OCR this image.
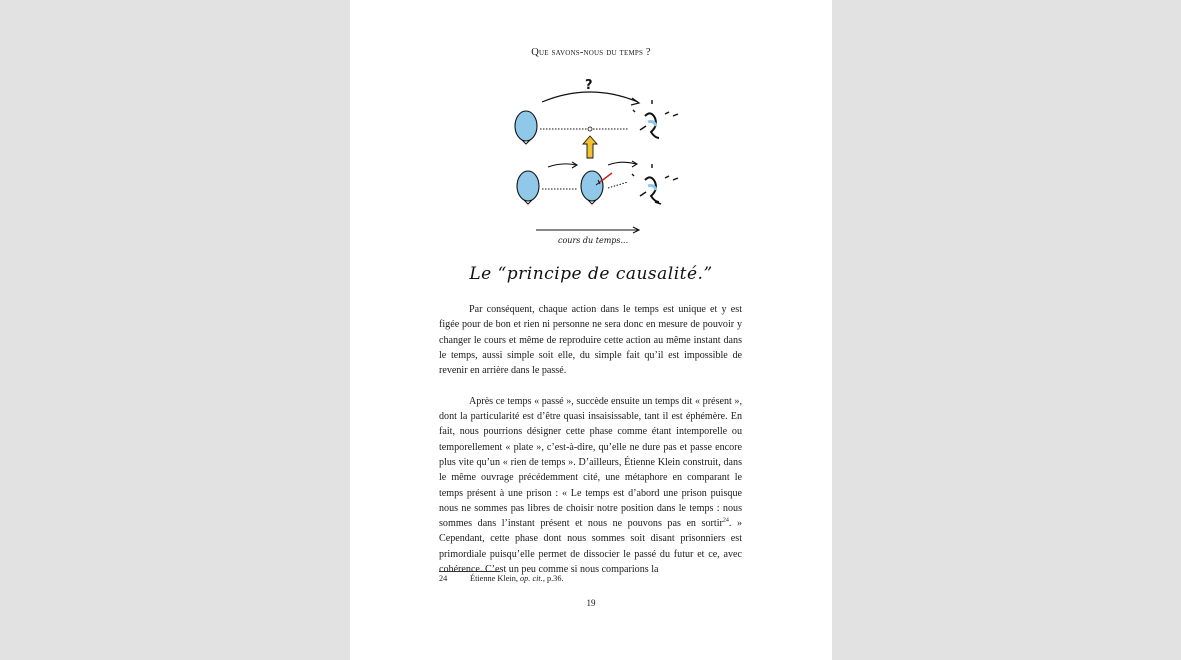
Que savons-nous du temps ?
?
cours du temps...
Le “principe de causalité.”

Par conséquent, chaque action dans le temps est unique et y est figée pour de bon et rien ni personne ne sera donc en mesure de pouvoir y changer le cours et même de reproduire cette action au même instant dans le temps, aussi simple soit elle, du simple fait qu’il est impossible de revenir en arrière dans le passé.

Après ce temps « passé », succède ensuite un temps dit « présent », dont la particularité est d’être quasi insaisissable, tant il est éphémère. En fait, nous pourrions désigner cette phase comme étant intemporelle ou temporellement « plate », c’est-à-dire, qu’elle ne dure pas et passe encore plus vite qu’un « rien de temps ». D’ailleurs, Étienne Klein construit, dans le même ouvrage précédemment cité, une métaphore en comparant le temps présent à une prison : « Le temps est d’abord une prison puisque nous ne sommes pas libres de choisir notre position dans le temps : nous sommes dans l’instant présent et nous ne pouvons pas en sortir$^{24}$. » Cependant, cette phase dont nous sommes soit disant prisonniers est primordiale puisqu’elle permet de dissocier le passé du futur et ce, avec cohérence. C’est un peu comme si nous comparions la

24	Étienne Klein, op. cit., p.36.
19
